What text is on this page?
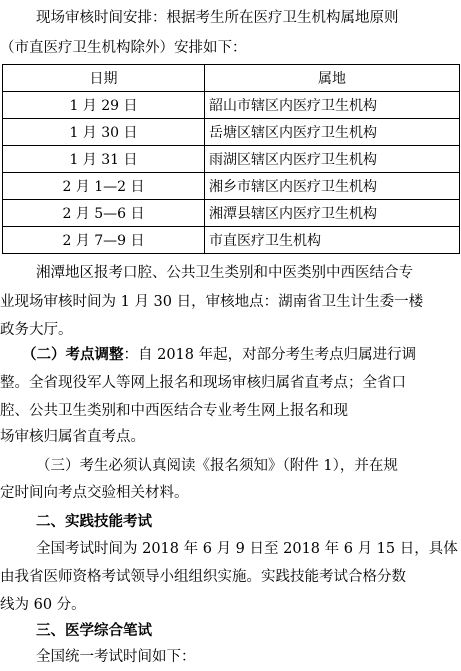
现场审核时间安排：根据考生所在医疗卫生机构属地原则
（市直医疗卫生机构除外）安排如下：
日期	属地
1 月 29 日	韶山市辖区内医疗卫生机构
1 月 30 日	岳塘区辖区内医疗卫生机构
1 月 31 日	雨湖区辖区内医疗卫生机构
2 月 1—2 日	湘乡市辖区内医疗卫生机构
2 月 5—6 日	湘潭县辖区内医疗卫生机构
2 月 7—9 日	市直医疗卫生机构
湘潭地区报考口腔、公共卫生类别和中医类别中西医结合专
业现场审核时间为 1 月 30 日，审核地点：湖南省卫生计生委一楼
政务大厅。
（二）考点调整：自 2018 年起，对部分考生考点归属进行调
整。全省现役军人等网上报名和现场审核归属省直考点；全省口
腔、公共卫生类别和中西医结合专业考生网上报名和现
场审核归属省直考点。
（三）考生必须认真阅读《报名须知》（附件 1），并在规
定时间向考点交验相关材料。
二、实践技能考试
全国考试时间为 2018 年 6 月 9 日至 2018 年 6 月 15 日，具体
由我省医师资格考试领导小组组织实施。实践技能考试合格分数
线为 60 分。
三、医学综合笔试
全国统一考试时间如下：
